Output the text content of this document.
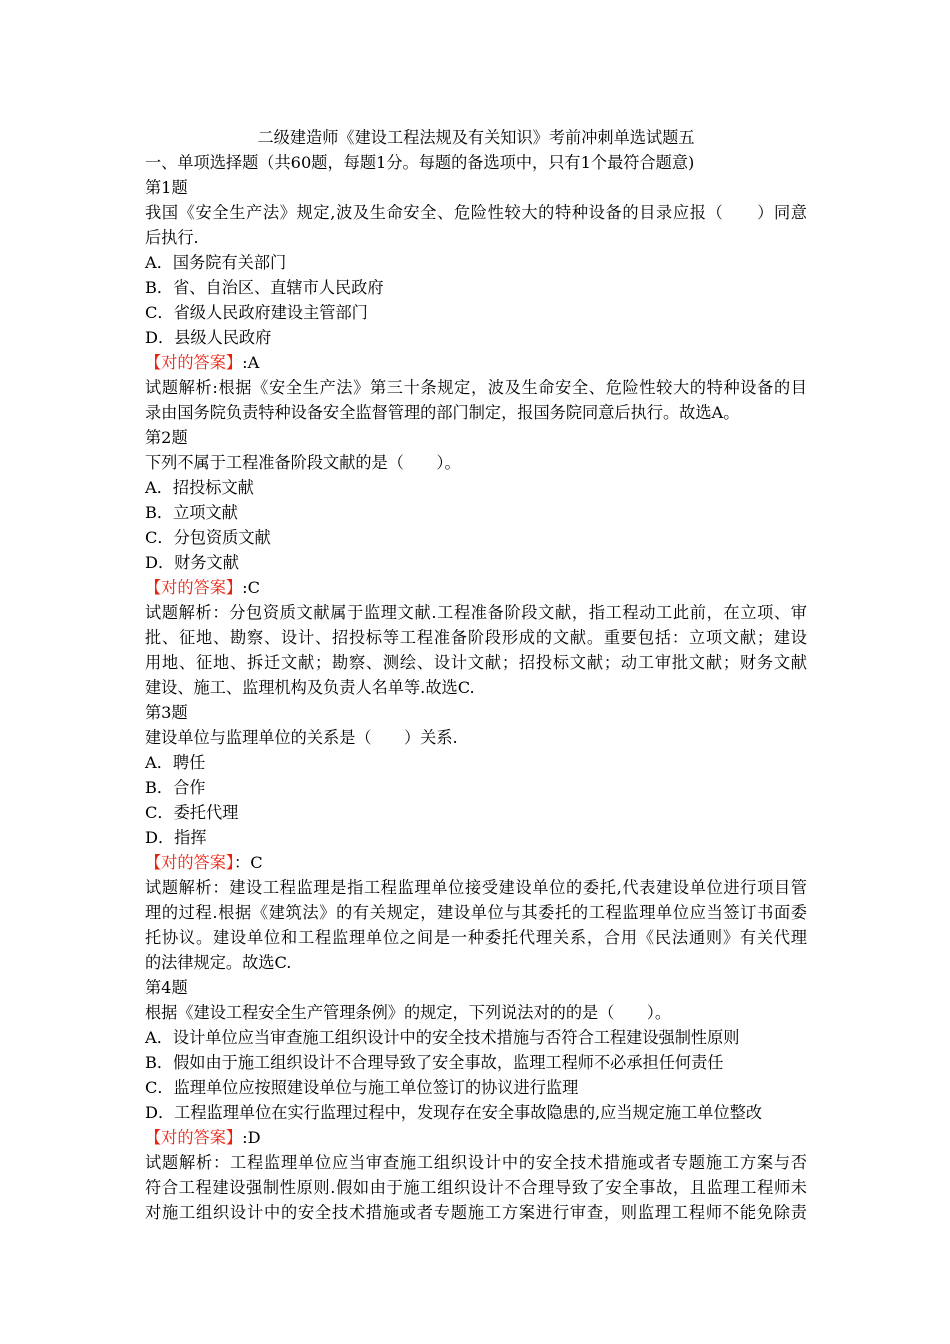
二级建造师《建设工程法规及有关知识》考前冲刺单选试题五
一、单项选择题（共60题，每题1分。每题的备选项中，只有1个最符合题意)
第1题
我国《安全生产法》规定,波及生命安全、危险性较大的特种设备的目录应报（　　）同意
后执行.
A．国务院有关部门
B．省、自治区、直辖市人民政府
C．省级人民政府建设主管部门
D．县级人民政府
【对的答案】:A
试题解析:根据《安全生产法》第三十条规定，波及生命安全、危险性较大的特种设备的目
录由国务院负责特种设备安全监督管理的部门制定，报国务院同意后执行。故选A。
第2题
下列不属于工程准备阶段文献的是（　　）。
A．招投标文献
B．立项文献
C．分包资质文献
D．财务文献
【对的答案】:C
试题解析：分包资质文献属于监理文献.工程准备阶段文献，指工程动工此前，在立项、审
批、征地、勘察、设计、招投标等工程准备阶段形成的文献。重要包括：立项文献；建设
用地、征地、拆迁文献；勘察、测绘、设计文献；招投标文献；动工审批文献；财务文献
建设、施工、监理机构及负责人名单等.故选C.
第3题
建设单位与监理单位的关系是（　　）关系.
A．聘任
B．合作
C．委托代理
D．指挥
【对的答案】：C
试题解析：建设工程监理是指工程监理单位接受建设单位的委托,代表建设单位进行项目管
理的过程.根据《建筑法》的有关规定，建设单位与其委托的工程监理单位应当签订书面委
托协议。建设单位和工程监理单位之间是一种委托代理关系，合用《民法通则》有关代理
的法律规定。故选C.
第4题
根据《建设工程安全生产管理条例》的规定，下列说法对的的是（　　）。
A．设计单位应当审查施工组织设计中的安全技术措施与否符合工程建设强制性原则
B．假如由于施工组织设计不合理导致了安全事故，监理工程师不必承担任何责任
C．监理单位应按照建设单位与施工单位签订的协议进行监理
D．工程监理单位在实行监理过程中，发现存在安全事故隐患的,应当规定施工单位整改
【对的答案】:D
试题解析：工程监理单位应当审查施工组织设计中的安全技术措施或者专题施工方案与否
符合工程建设强制性原则.假如由于施工组织设计不合理导致了安全事故，且监理工程师未
对施工组织设计中的安全技术措施或者专题施工方案进行审查，则监理工程师不能免除责
